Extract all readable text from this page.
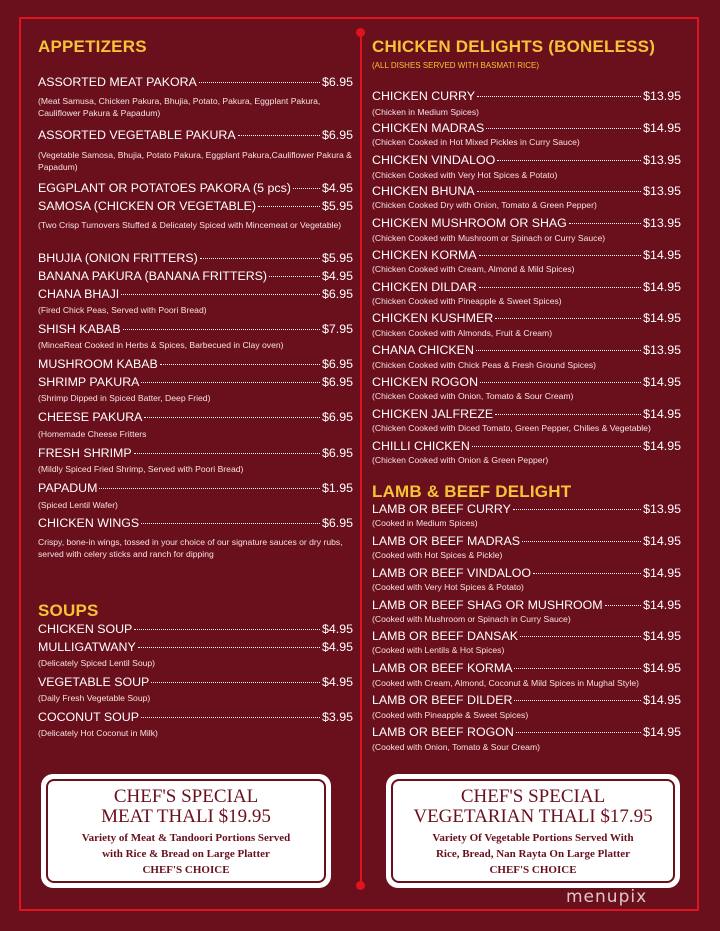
APPETIZERS
ASSORTED MEAT PAKORA	$6.95
(Meat Samusa, Chicken Pakura, Bhujia, Potato, Pakura, Eggplant Pakura, Cauliflower Pakura & Papadum)
ASSORTED VEGETABLE PAKURA	$6.95
(Vegetable Samosa, Bhujia, Potato Pakura, Eggplant Pakura,Cauliflower Pakura & Papadum)
EGGPLANT OR POTATOES PAKORA (5 pcs)	$4.95
SAMOSA (CHICKEN OR VEGETABLE)	$5.95
(Two Crisp Turnovers Stuffed & Delicately Spiced with Mincemeat or Vegetable)
BHUJIA (ONION FRITTERS)	$5.95
BANANA PAKURA (BANANA FRITTERS)	$4.95
CHANA BHAJI	$6.95
(Fired Chick Peas, Served with Poori Bread)
SHISH KABAB	$7.95
(MinceReat Cooked in Herbs & Spices, Barbecued in Clay oven)
MUSHROOM KABAB	$6.95
SHRIMP PAKURA	$6.95
(Shrimp Dipped in Spiced Batter, Deep Fried)
CHEESE PAKURA	$6.95
(Homemade Cheese Fritters
FRESH SHRIMP	$6.95
(Mildly Spiced Fried Shrimp, Served with Poori Bread)
PAPADUM	$1.95
(Spiced Lentil Wafer)
CHICKEN WINGS	$6.95
Crispy, bone-in wings, tossed in your choice of our signature sauces or dry rubs, served with celery sticks and ranch for dipping
SOUPS
CHICKEN SOUP	$4.95
MULLIGATWANY	$4.95
(Delicately Spiced Lentil Soup)
VEGETABLE SOUP	$4.95
(Daily Fresh Vegetable Soup)
COCONUT SOUP	$3.95
(Delicately Hot Coconut in Milk)
CHICKEN DELIGHTS (BONELESS)
(ALL DISHES SERVED WITH BASMATI RICE)
CHICKEN CURRY	$13.95
(Chicken in Medium Spices)
CHICKEN MADRAS	$14.95
(Chicken Cooked in Hot Mixed Pickles in Curry Sauce)
CHICKEN VINDALOO	$13.95
(Chicken Cooked with Very Hot Spices & Potato)
CHICKEN BHUNA	$13.95
(Chicken Cooked Dry with Onion, Tomato & Green Pepper)
CHICKEN MUSHROOM OR SHAG	$13.95
(Chicken Cooked with Mushroom or Spinach or Curry Sauce)
CHICKEN KORMA	$14.95
(Chicken Cooked with Cream, Almond & Mild Spices)
CHICKEN DILDAR	$14.95
(Chicken Cooked with Pineapple & Sweet Spices)
CHICKEN KUSHMER	$14.95
(Chicken Cooked with Almonds, Fruit & Cream)
CHANA CHICKEN	$13.95
(Chicken Cooked with Chick Peas & Fresh Ground Spices)
CHICKEN ROGON	$14.95
(Chicken Cooked with Onion, Tomato & Sour Cream)
CHICKEN JALFREZE	$14.95
(Chicken Cooked with Diced Tomato, Green Pepper, Chilies & Vegetable)
CHILLI CHICKEN	$14.95
(Chicken Cooked with Onion & Green Pepper)
LAMB & BEEF DELIGHT
LAMB OR BEEF CURRY	$13.95
(Cooked in Medium Spices)
LAMB OR BEEF MADRAS	$14.95
(Cooked with Hot Spices & Pickle)
LAMB OR BEEF VINDALOO	$14.95
(Cooked with Very Hot Spices & Potato)
LAMB OR BEEF SHAG OR MUSHROOM	$14.95
(Cooked with Mushroom or Spinach in Curry Sauce)
LAMB OR BEEF DANSAK	$14.95
(Cooked with Lentils & Hot Spices)
LAMB OR BEEF KORMA	$14.95
(Cooked with Cream, Almond, Coconut & Mild Spices in Mughal Style)
LAMB OR BEEF DILDER	$14.95
(Cooked with Pineapple & Sweet Spices)
LAMB OR BEEF ROGON	$14.95
(Cooked with Onion, Tomato & Sour Cream)
CHEF'S SPECIAL
MEAT THALI $19.95
Variety of Meat & Tandoori Portions Served
with Rice & Bread on Large Platter
CHEF'S CHOICE
CHEF'S SPECIAL
VEGETARIAN THALI $17.95
Variety Of Vegetable Portions Served With
Rice, Bread, Nan Rayta On Large Platter
CHEF'S CHOICE
menupix
